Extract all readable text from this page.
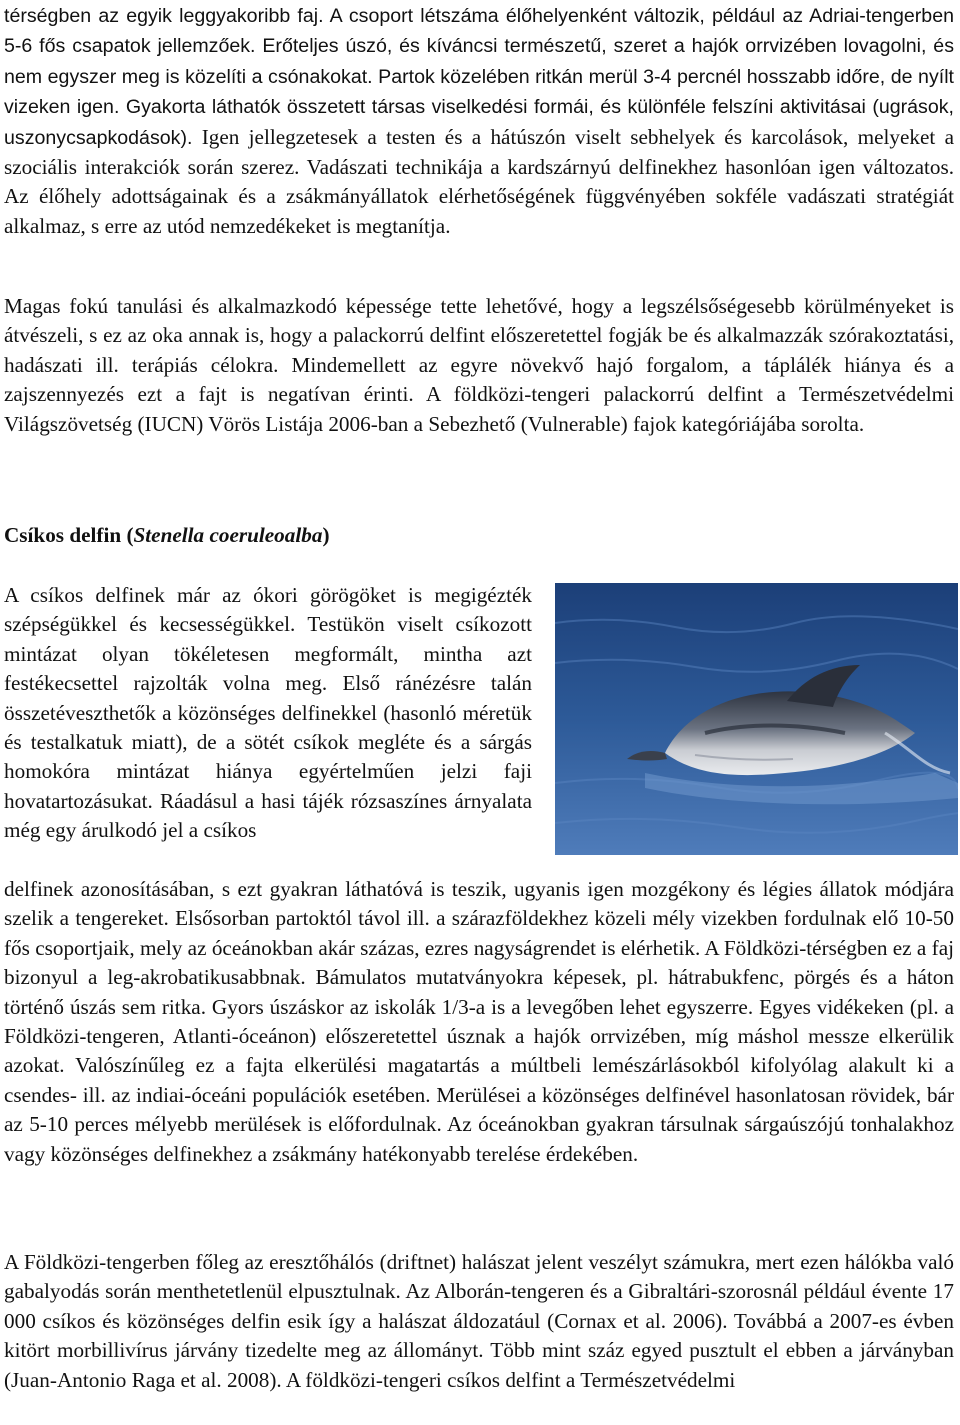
térségben az egyik leggyakoribb faj. A csoport létszáma élőhelyenként változik, például az Adriai-tengerben 5-6 fős csapatok jellemzőek. Erőteljes úszó, és kíváncsi természetű, szeret a hajók orrvizében lovagolni, és nem egyszer meg is közelíti a csónakokat. Partok közelében ritkán merül 3-4 percnél hosszabb időre, de nyílt vizeken igen. Gyakorta láthatók összetett társas viselkedési formái, és különféle felszíni aktivitásai (ugrások, uszonycsapkodások). Igen jellegzetesek a testen és a hátúszón viselt sebhelyek és karcolások, melyeket a szociális interakciók során szerez. Vadászati technikája a kardszárnyú delfinekhez hasonlóan igen változatos. Az élőhely adottságainak és a zsákmányállatok elérhetőségének függvényében sokféle vadászati stratégiát alkalmaz, s erre az utód nemzedékeket is megtanítja.

Magas fokú tanulási és alkalmazkodó képessége tette lehetővé, hogy a legszélsőségesebb körülményeket is átvészeli, s ez az oka annak is, hogy a palackorrú delfint előszeretettel fogják be és alkalmazzák szórakoztatási, hadászati ill. terápiás célokra. Mindemellett az egyre növekvő hajó forgalom, a táplálék hiánya és a zajszennyezés ezt a fajt is negatívan érinti. A földközi-tengeri palackorrú delfint a Természetvédelmi Világszövetség (IUCN) Vörös Listája 2006-ban a Sebezhető (Vulnerable) fajok kategóriájába sorolta.

Csíkos delfin (Stenella coeruleoalba)

A csíkos delfinek már az ókori görögöket is megigézték szépségükkel és kecsességükkel. Testükön viselt csíkozott mintázat olyan tökéletesen megformált, mintha azt festékecsettel rajzolták volna meg. Első ránézésre talán összetéveszthetők a közönséges delfinekkel (hasonló méretük és testalkatuk miatt), de a sötét csíkok megléte és a sárgás homokóra mintázat hiánya egyértelműen jelzi faji hovatartozásukat. Ráadásul a hasi tájék rózsaszínes árnyalata még egy árulkodó jel a csíkos

delfinek azonosításában, s ezt gyakran láthatóvá is teszik, ugyanis igen mozgékony és légies állatok módjára szelik a tengereket. Elsősorban partoktól távol ill. a szárazföldekhez közeli mély vizekben fordulnak elő 10-50 fős csoportjaik, mely az óceánokban akár százas, ezres nagyságrendet is elérhetik. A Földközi-térségben ez a faj bizonyul a leg-akrobatikusabbnak. Bámulatos mutatványokra képesek, pl. hátrabukfenc, pörgés és a háton történő úszás sem ritka. Gyors úszáskor az iskolák 1/3-a is a levegőben lehet egyszerre. Egyes vidékeken (pl. a Földközi-tengeren, Atlanti-óceánon) előszeretettel úsznak a hajók orrvizében, míg máshol messze elkerülik azokat. Valószínűleg ez a fajta elkerülési magatartás a múltbeli lemészárlásokból kifolyólag alakult ki a csendes- ill. az indiai-óceáni populációk esetében. Merülései a közönséges delfinével hasonlatosan rövidek, bár az 5-10 perces mélyebb merülések is előfordulnak. Az óceánokban gyakran társulnak sárgaúszójú tonhalakhoz vagy közönséges delfinekhez a zsákmány hatékonyabb terelése érdekében.

A Földközi-tengerben főleg az eresztőhálós (driftnet) halászat jelent veszélyt számukra, mert ezen hálókba való gabalyodás során menthetetlenül elpusztulnak. Az Alborán-tengeren és a Gibraltári-szorosnál például évente 17 000 csíkos és közönséges delfin esik így a halászat áldozatául (Cornax et al. 2006). Továbbá a 2007-es évben kitört morbillivírus járvány tizedelte meg az állományt. Több mint száz egyed pusztult el ebben a járványban (Juan-Antonio Raga et al. 2008). A földközi-tengeri csíkos delfint a Természetvédelmi
